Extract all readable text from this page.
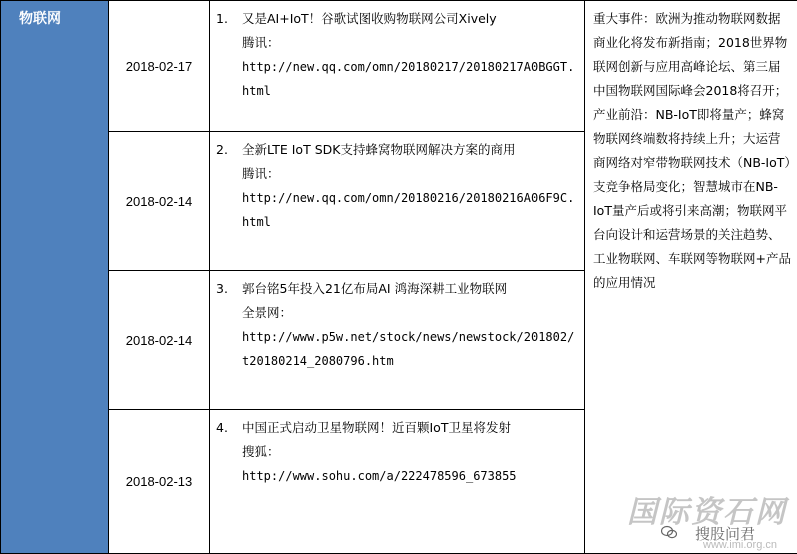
物联网	2018-02-17	1. 又是AI+IoT！谷歌试图收购物联网公司Xively
腾讯：
http://new.qq.com/omn/20180217/20180217A0BGGT.html	重大事件：欧洲为推动物联网数据商业化将发布新指南；2018世界物联网创新与应用高峰论坛、第三届中国物联网国际峰会2018将召开；产业前沿：NB-IoT即将量产；蜂窝物联网终端数将持续上升；大运营商网络对窄带物联网技术（NB-IoT）支竞争格局变化；智慧城市在NB-IoT量产后或将引来高潮；物联网平台向设计和运营场景的关注趋势、工业物联网、车联网等物联网+产品的应用情况

	2018-02-14	2. 全新LTE IoT SDK支持蜂窝物联网解决方案的商用
腾讯：
http://new.qq.com/omn/20180216/20180216A06F9C.html	

	2018-02-14	3. 郭台铭5年投入21亿布局AI 鸿海深耕工业物联网
全景网：
http://www.p5w.net/stock/news/newstock/201802/t20180214_2080796.htm	

	2018-02-13	4. 中国正式启动卫星物联网！近百颗IoT卫星将发射
搜狐：
http://www.sohu.com/a/222478596_673855	
国际资石网
搜股问君
www.imi.org.cn
